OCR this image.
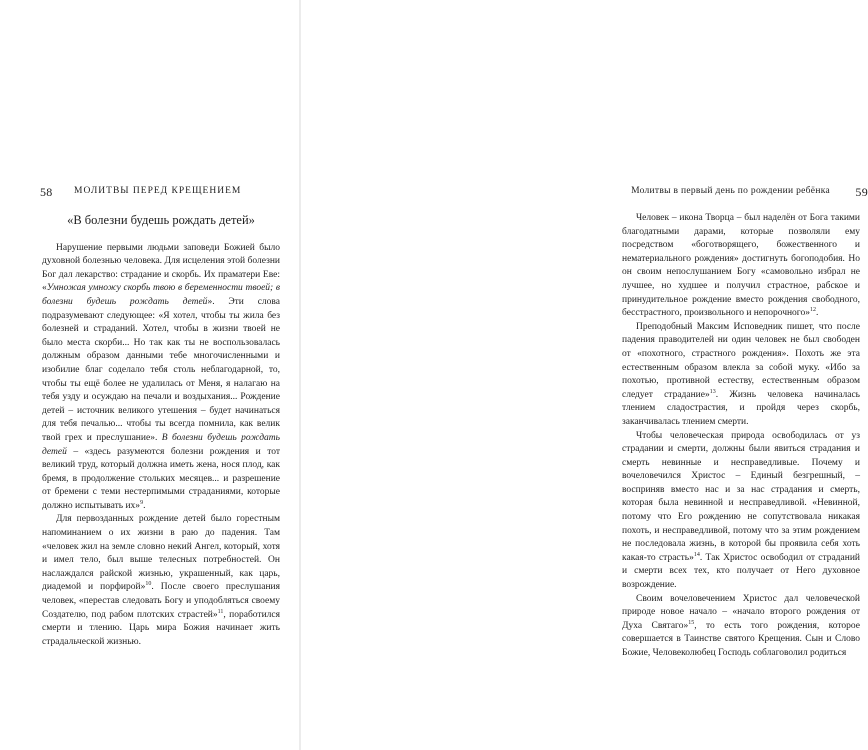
58 МОЛИТВЫ ПЕРЕД КРЕЩЕНИЕМ
«В болезни будешь рождать детей»

Нарушение первыми людьми заповеди Божией было духовной болезнью человека. Для исцеления этой болезни Бог дал лекарство: страдание и скорбь. Их праматери Еве: «Умножая умножу скорбь твою в беременности твоей; в болезни будешь рождать детей». Эти слова подразумевают следующее: «Я хотел, чтобы ты жила без болезней и страданий. Хотел, чтобы в жизни твоей не было места скорби... Но так как ты не воспользовалась должным образом данными тебе многочисленными и изобилие благ соделало тебя столь неблагодарной, то, чтобы ты ещё более не удалилась от Меня, я налагаю на тебя узду и осуждаю на печали и воздыхания... Рождение детей – источник великого утешения – будет начинаться для тебя печалью... чтобы ты всегда помнила, как велик твой грех и преслушание». В болезни будешь рождать детей – «здесь разумеются болезни рождения и тот великий труд, который должна иметь жена, нося плод, как бремя, в продолжение стольких месяцев... и разрешение от бремени с теми нестерпимыми страданиями, которые должно испытывать их»$^9$.

Для первозданных рождение детей было горестным напоминанием о их жизни в раю до падения. Там «человек жил на земле словно некий Ангел, который, хотя и имел тело, был выше телесных потребностей. Он наслаждался райской жизнью, украшенный, как царь, диадемой и порфирой»$^{10}$. После своего преслушания человек, «перестав следовать Богу и уподобляться своему Создателю, под рабом плотских страстей»$^{11}$, поработился смерти и тлению. Царь мира Божия начинает жить страдальческой жизнью.

Молитвы в первый день по рождении ребёнка 59

Человек – икона Творца – был наделён от Бога такими благодатными дарами, которые позволяли ему посредством «боготворящего, божественного и нематериального рождения» достигнуть богоподобия. Но он своим непослушанием Богу «самовольно избрал не лучшее, но худшее и получил страстное, рабское и принудительное рождение вместо рождения свободного, бесстрастного, произвольного и непорочного»$^{12}$.

Преподобный Максим Исповедник пишет, что после падения праводителей ни один человек не был свободен от «похотного, страстного рождения». Похоть же эта естественным образом влекла за собой муку. «Ибо за похотью, противной естеству, естественным образом следует страдание»$^{13}$. Жизнь человека начиналась тлением сладострастия, и пройдя через скорбь, заканчивалась тлением смерти.

Чтобы человеческая природа освободилась от уз страдании и смерти, должны были явиться страдания и смерть невинные и несправедливые. Почему и вочеловечился Христос – Единый безгрешный, – восприняв вместо нас и за нас страдания и смерть, которая была невинной и несправедливой. «Невинной, потому что Его рождению не сопутствовала никакая похоть, и несправедливой, потому что за этим рождением не последовала жизнь, в которой бы проявила себя хоть какая-то страсть»$^{14}$. Так Христос освободил от страданий и смерти всех тех, кто получает от Него духовное возрождение.

Своим вочеловечением Христос дал человеческой природе новое начало – «начало второго рождения от Духа Святаго»$^{15}$, то есть того рождения, которое совершается в Таинстве святого Крещения. Сын и Слово Божие, Человеколюбец Господь соблаговолил родиться
